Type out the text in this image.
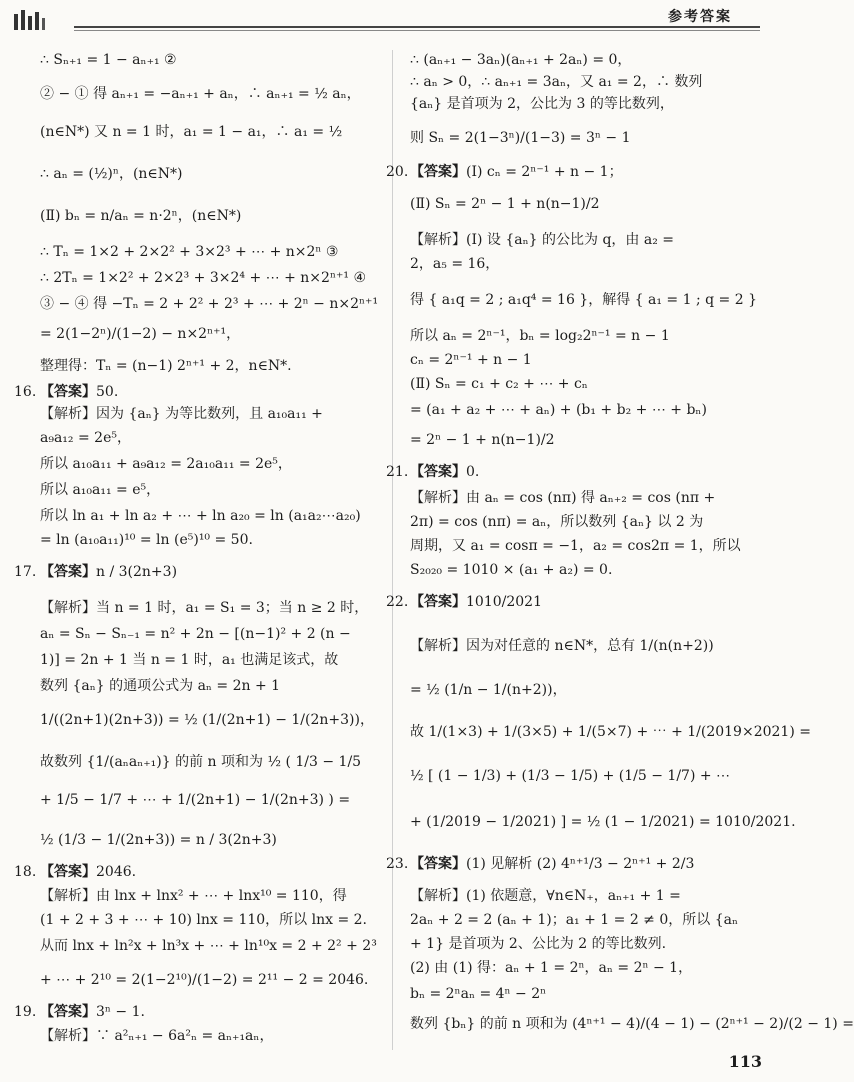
参考答案
∴ Sₙ₊₁ = 1 − aₙ₊₁ ②
② − ① 得 aₙ₊₁ = −aₙ₊₁ + aₙ，∴ aₙ₊₁ = ½ aₙ，
(n∈N*) 又 n = 1 时，a₁ = 1 − a₁，∴ a₁ = ½
∴ aₙ = (½)ⁿ，(n∈N*)
(Ⅱ) bₙ = n/aₙ = n·2ⁿ，(n∈N*)
∴ Tₙ = 1×2 + 2×2² + 3×2³ + ⋯ + n×2ⁿ ③
∴ 2Tₙ = 1×2² + 2×2³ + 3×2⁴ + ⋯ + n×2ⁿ⁺¹ ④
③ − ④ 得 −Tₙ = 2 + 2² + 2³ + ⋯ + 2ⁿ − n×2ⁿ⁺¹
= 2(1−2ⁿ)/(1−2) − n×2ⁿ⁺¹，
整理得：Tₙ = (n−1) 2ⁿ⁺¹ + 2，n∈N*.
16. 【答案】50.
【解析】因为 {aₙ} 为等比数列，且 a₁₀a₁₁ +
a₉a₁₂ = 2e⁵，
所以 a₁₀a₁₁ + a₉a₁₂ = 2a₁₀a₁₁ = 2e⁵，
所以 a₁₀a₁₁ = e⁵，
所以 ln a₁ + ln a₂ + ⋯ + ln a₂₀ = ln (a₁a₂⋯a₂₀)
= ln (a₁₀a₁₁)¹⁰ = ln (e⁵)¹⁰ = 50.
17. 【答案】n / 3(2n+3)
【解析】当 n = 1 时，a₁ = S₁ = 3；当 n ≥ 2 时，
aₙ = Sₙ − Sₙ₋₁ = n² + 2n − [(n−1)² + 2 (n −
1)] = 2n + 1 当 n = 1 时，a₁ 也满足该式，故
数列 {aₙ} 的通项公式为 aₙ = 2n + 1
1/((2n+1)(2n+3)) = ½ (1/(2n+1) − 1/(2n+3))，
故数列 {1/(aₙaₙ₊₁)} 的前 n 项和为 ½ ( 1/3 − 1/5
+ 1/5 − 1/7 + ⋯ + 1/(2n+1) − 1/(2n+3) ) =
½ (1/3 − 1/(2n+3)) = n / 3(2n+3)
18. 【答案】2046.
【解析】由 lnx + lnx² + ⋯ + lnx¹⁰ = 110，得
(1 + 2 + 3 + ⋯ + 10) lnx = 110，所以 lnx = 2.
从而 lnx + ln²x + ln³x + ⋯ + ln¹⁰x = 2 + 2² + 2³
+ ⋯ + 2¹⁰ = 2(1−2¹⁰)/(1−2) = 2¹¹ − 2 = 2046.
19. 【答案】3ⁿ − 1.
【解析】∵ a²ₙ₊₁ − 6a²ₙ = aₙ₊₁aₙ，
∴ (aₙ₊₁ − 3aₙ)(aₙ₊₁ + 2aₙ) = 0，
∴ aₙ > 0，∴ aₙ₊₁ = 3aₙ，又 a₁ = 2，∴ 数列
{aₙ} 是首项为 2，公比为 3 的等比数列，
则 Sₙ = 2(1−3ⁿ)/(1−3) = 3ⁿ − 1
20. 【答案】(Ⅰ) cₙ = 2ⁿ⁻¹ + n − 1；
(Ⅱ) Sₙ = 2ⁿ − 1 + n(n−1)/2
【解析】(Ⅰ) 设 {aₙ} 的公比为 q，由 a₂ =
2，a₅ = 16，
得 { a₁q = 2 ; a₁q⁴ = 16 }，解得 { a₁ = 1 ; q = 2 }
所以 aₙ = 2ⁿ⁻¹，bₙ = log₂2ⁿ⁻¹ = n − 1
cₙ = 2ⁿ⁻¹ + n − 1
(Ⅱ) Sₙ = c₁ + c₂ + ⋯ + cₙ
= (a₁ + a₂ + ⋯ + aₙ) + (b₁ + b₂ + ⋯ + bₙ)
= 2ⁿ − 1 + n(n−1)/2
21. 【答案】0.
【解析】由 aₙ = cos (nπ) 得 aₙ₊₂ = cos (nπ +
2π) = cos (nπ) = aₙ，所以数列 {aₙ} 以 2 为
周期，又 a₁ = cosπ = −1，a₂ = cos2π = 1，所以
S₂₀₂₀ = 1010 × (a₁ + a₂) = 0.
22. 【答案】1010/2021
【解析】因为对任意的 n∈N*，总有 1/(n(n+2))
= ½ (1/n − 1/(n+2))，
故 1/(1×3) + 1/(3×5) + 1/(5×7) + ⋯ + 1/(2019×2021) =
½ [ (1 − 1/3) + (1/3 − 1/5) + (1/5 − 1/7) + ⋯
+ (1/2019 − 1/2021) ] = ½ (1 − 1/2021) = 1010/2021.
23. 【答案】(1) 见解析 (2) 4ⁿ⁺¹/3 − 2ⁿ⁺¹ + 2/3
【解析】(1) 依题意，∀n∈N₊，aₙ₊₁ + 1 =
2aₙ + 2 = 2 (aₙ + 1)；a₁ + 1 = 2 ≠ 0，所以 {aₙ
+ 1} 是首项为 2、公比为 2 的等比数列.
(2) 由 (1) 得：aₙ + 1 = 2ⁿ，aₙ = 2ⁿ − 1，
bₙ = 2ⁿaₙ = 4ⁿ − 2ⁿ
数列 {bₙ} 的前 n 项和为 (4ⁿ⁺¹ − 4)/(4 − 1) − (2ⁿ⁺¹ − 2)/(2 − 1) =
113
